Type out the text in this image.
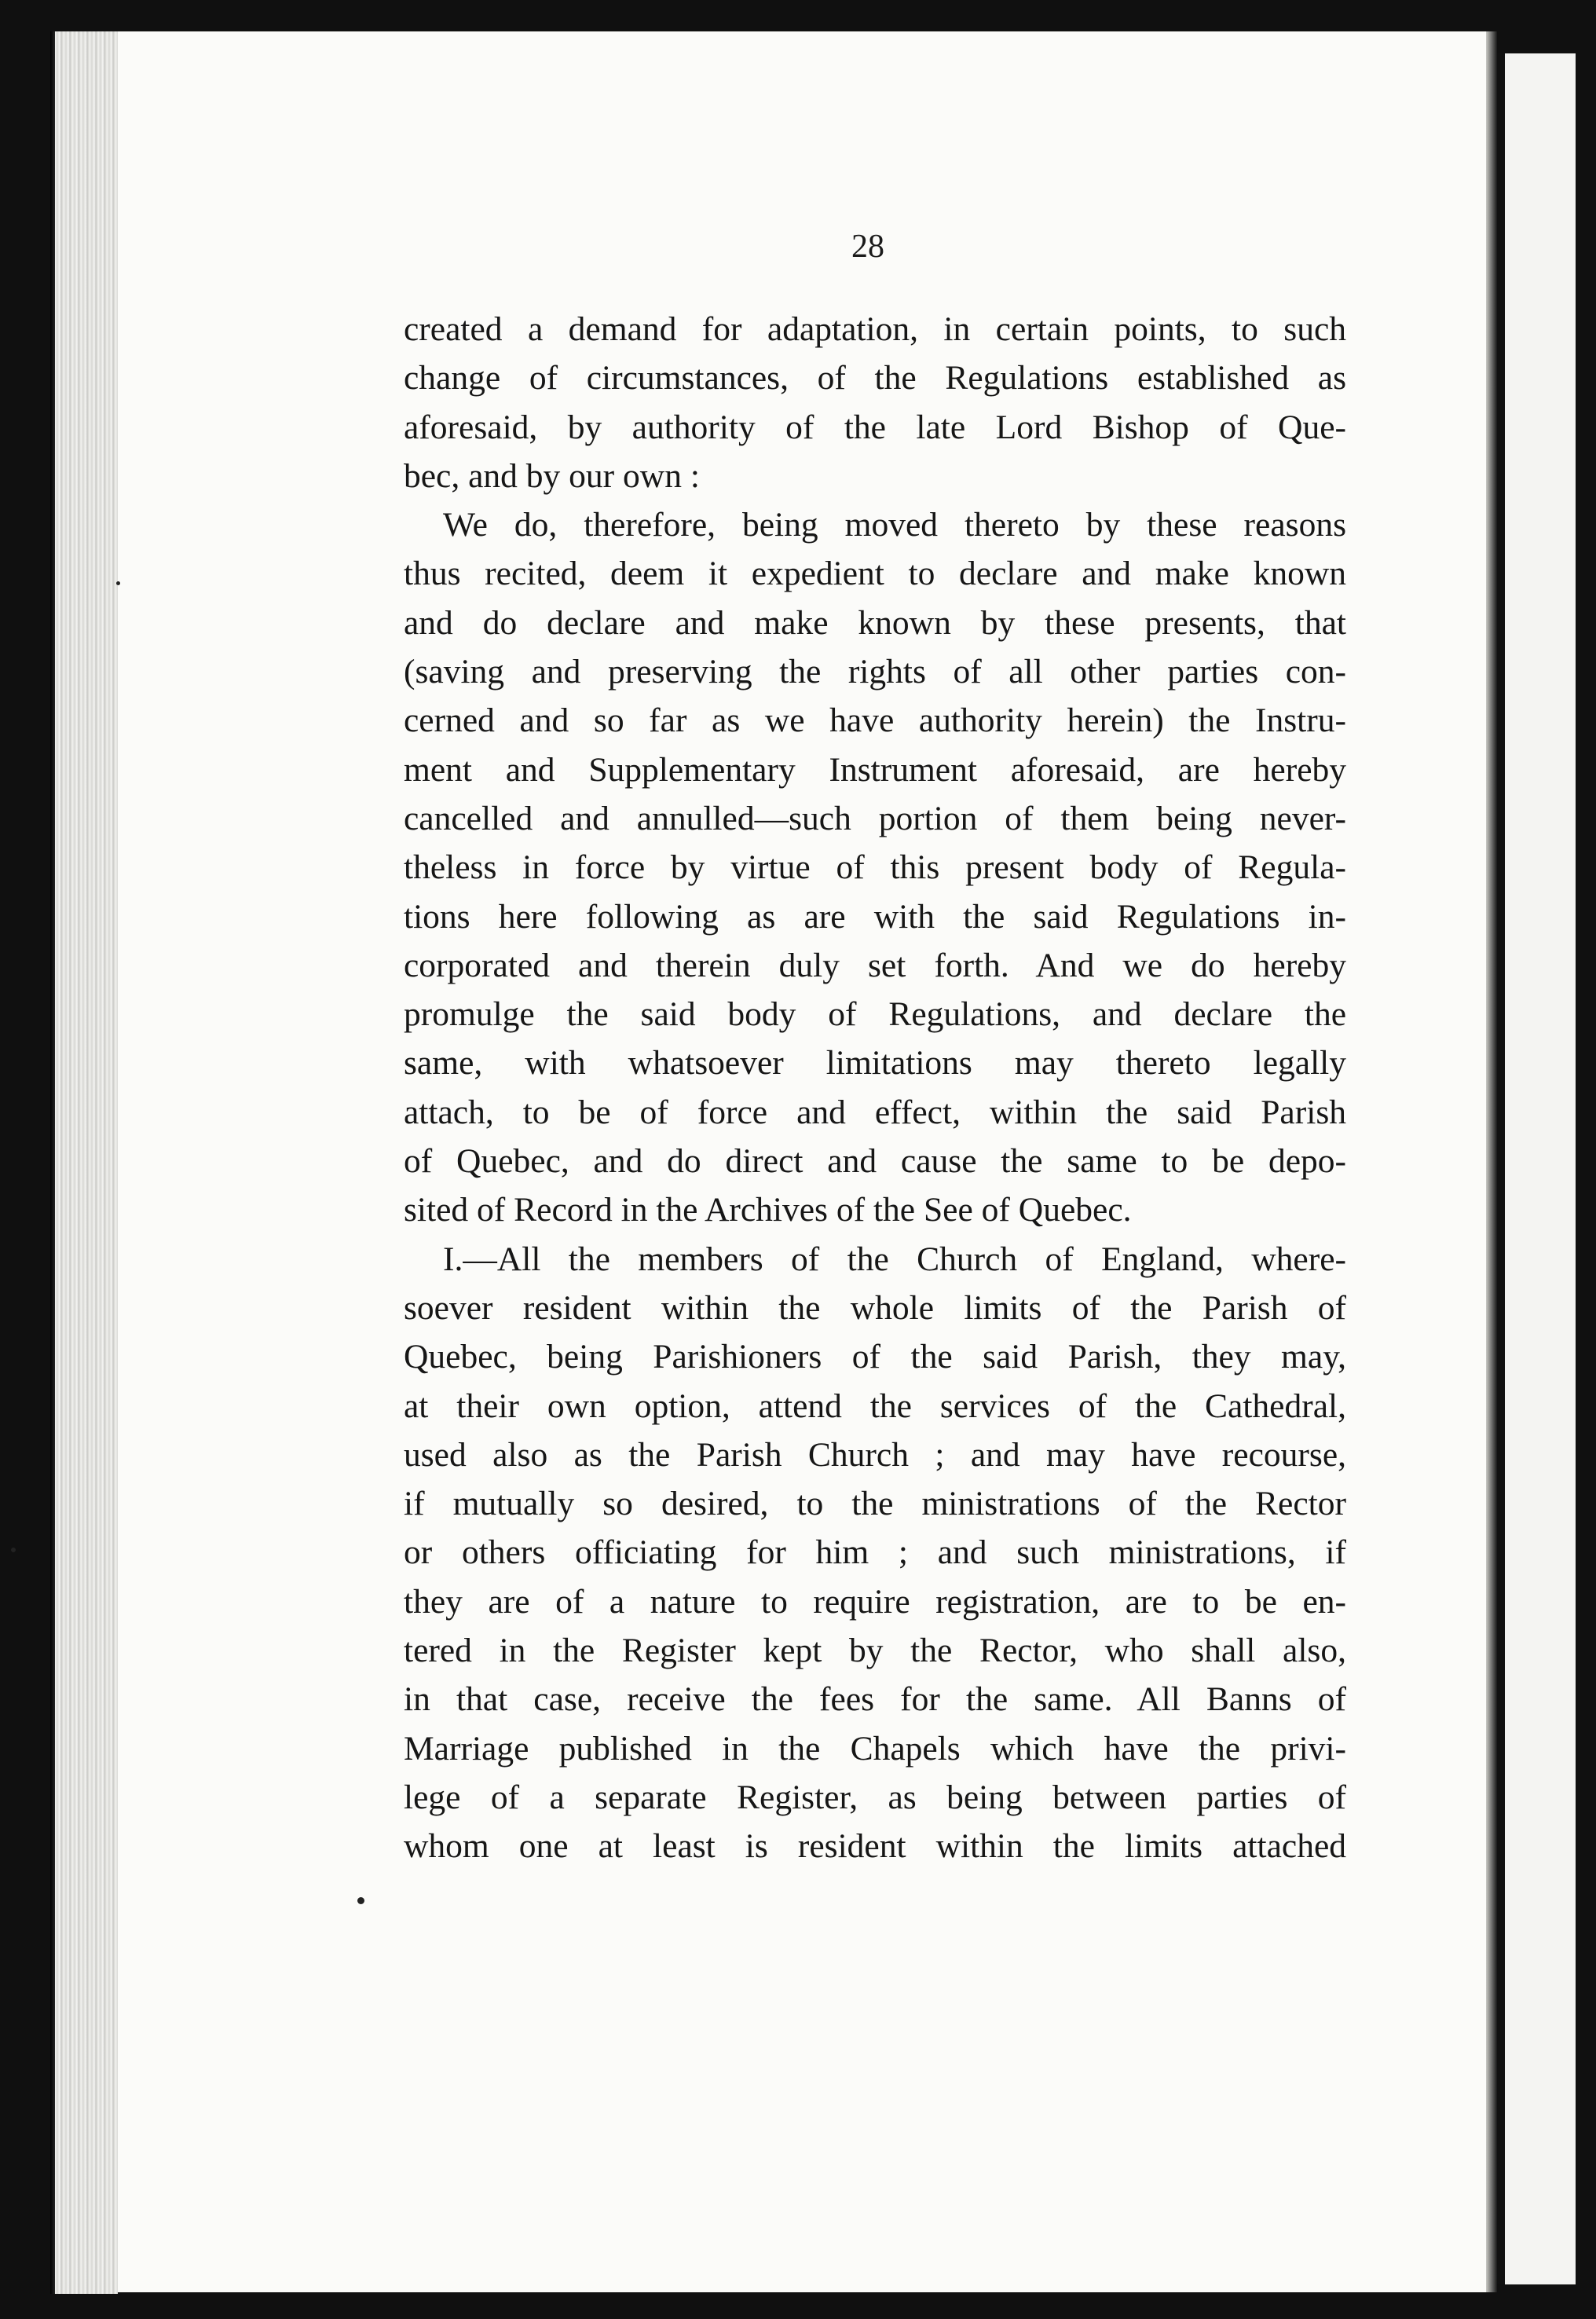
28
created a demand for adaptation, in certain points, to such
change of circumstances, of the Regulations established as
aforesaid, by authority of the late Lord Bishop of Que-
bec, and by our own :
We do, therefore, being moved thereto by these reasons
thus recited, deem it expedient to declare and make known
and do declare and make known by these presents, that
(saving and preserving the rights of all other parties con-
cerned and so far as we have authority herein) the Instru-
ment and Supplementary Instrument aforesaid, are hereby
cancelled and annulled—such portion of them being never-
theless in force by virtue of this present body of Regula-
tions here following as are with the said Regulations in-
corporated and therein duly set forth. And we do hereby
promulge the said body of Regulations, and declare the
same, with whatsoever limitations may thereto legally
attach, to be of force and effect, within the said Parish
of Quebec, and do direct and cause the same to be depo-
sited of Record in the Archives of the See of Quebec.
I.—All the members of the Church of England, where-
soever resident within the whole limits of the Parish of
Quebec, being Parishioners of the said Parish, they may,
at their own option, attend the services of the Cathedral,
used also as the Parish Church ; and may have recourse,
if mutually so desired, to the ministrations of the Rector
or others officiating for him ; and such ministrations, if
they are of a nature to require registration, are to be en-
tered in the Register kept by the Rector, who shall also,
in that case, receive the fees for the same. All Banns of
Marriage published in the Chapels which have the privi-
lege of a separate Register, as being between parties of
whom one at least is resident within the limits attached
